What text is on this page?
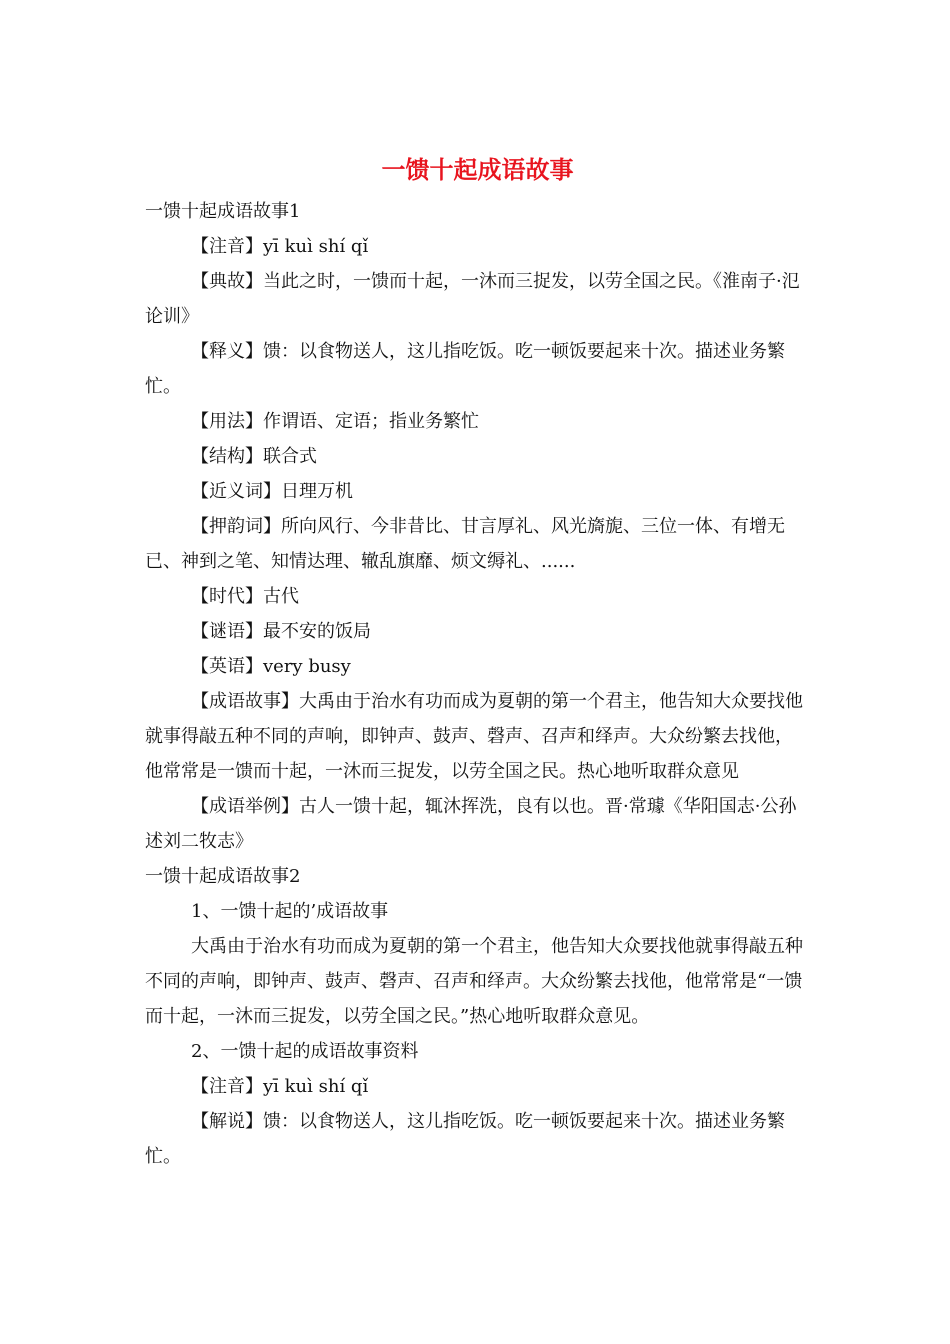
一馈十起成语故事

一馈十起成语故事1

【注音】yī kuì shí qǐ

【典故】当此之时，一馈而十起，一沐而三捉发，以劳全国之民。《淮南子·氾论训》

【释义】馈：以食物送人，这儿指吃饭。吃一顿饭要起来十次。描述业务繁忙。

【用法】作谓语、定语；指业务繁忙

【结构】联合式

【近义词】日理万机

【押韵词】所向风行、今非昔比、甘言厚礼、风光旖旎、三位一体、有增无已、神到之笔、知情达理、辙乱旗靡、烦文缛礼、......

【时代】古代

【谜语】最不安的饭局

【英语】very busy

【成语故事】大禹由于治水有功而成为夏朝的第一个君主，他告知大众要找他就事得敲五种不同的声响，即钟声、鼓声、磬声、召声和绎声。大众纷繁去找他，他常常是一馈而十起，一沐而三捉发，以劳全国之民。热心地听取群众意见

【成语举例】古人一馈十起，辄沐挥洗，良有以也。晋·常璩《华阳国志·公孙述刘二牧志》

一馈十起成语故事2

1、一馈十起的’成语故事

大禹由于治水有功而成为夏朝的第一个君主，他告知大众要找他就事得敲五种不同的声响，即钟声、鼓声、磬声、召声和绎声。大众纷繁去找他，他常常是“一馈而十起，一沐而三捉发，以劳全国之民。”热心地听取群众意见。

2、一馈十起的成语故事资料

【注音】yī kuì shí qǐ

【解说】馈：以食物送人，这儿指吃饭。吃一顿饭要起来十次。描述业务繁忙。
